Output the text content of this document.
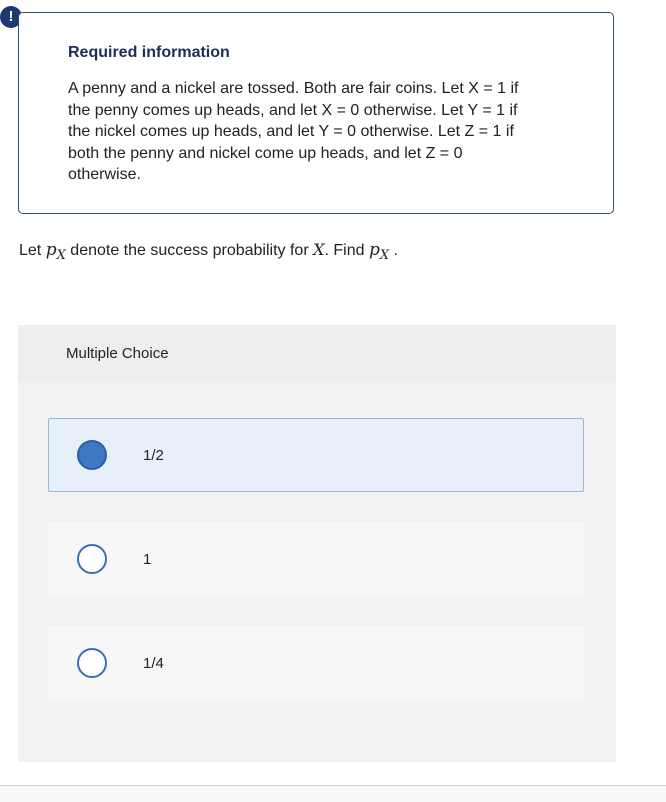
!
Required information
A penny and a nickel are tossed. Both are fair coins. Let X = 1 if
the penny comes up heads, and let X = 0 otherwise. Let Y = 1 if
the nickel comes up heads, and let Y = 0 otherwise. Let Z = 1 if
both the penny and nickel come up heads, and let Z = 0
otherwise.
Let $p_X$ denote the success probability for X. Find $p_X$ .
Multiple Choice
1/2
1
1/4
